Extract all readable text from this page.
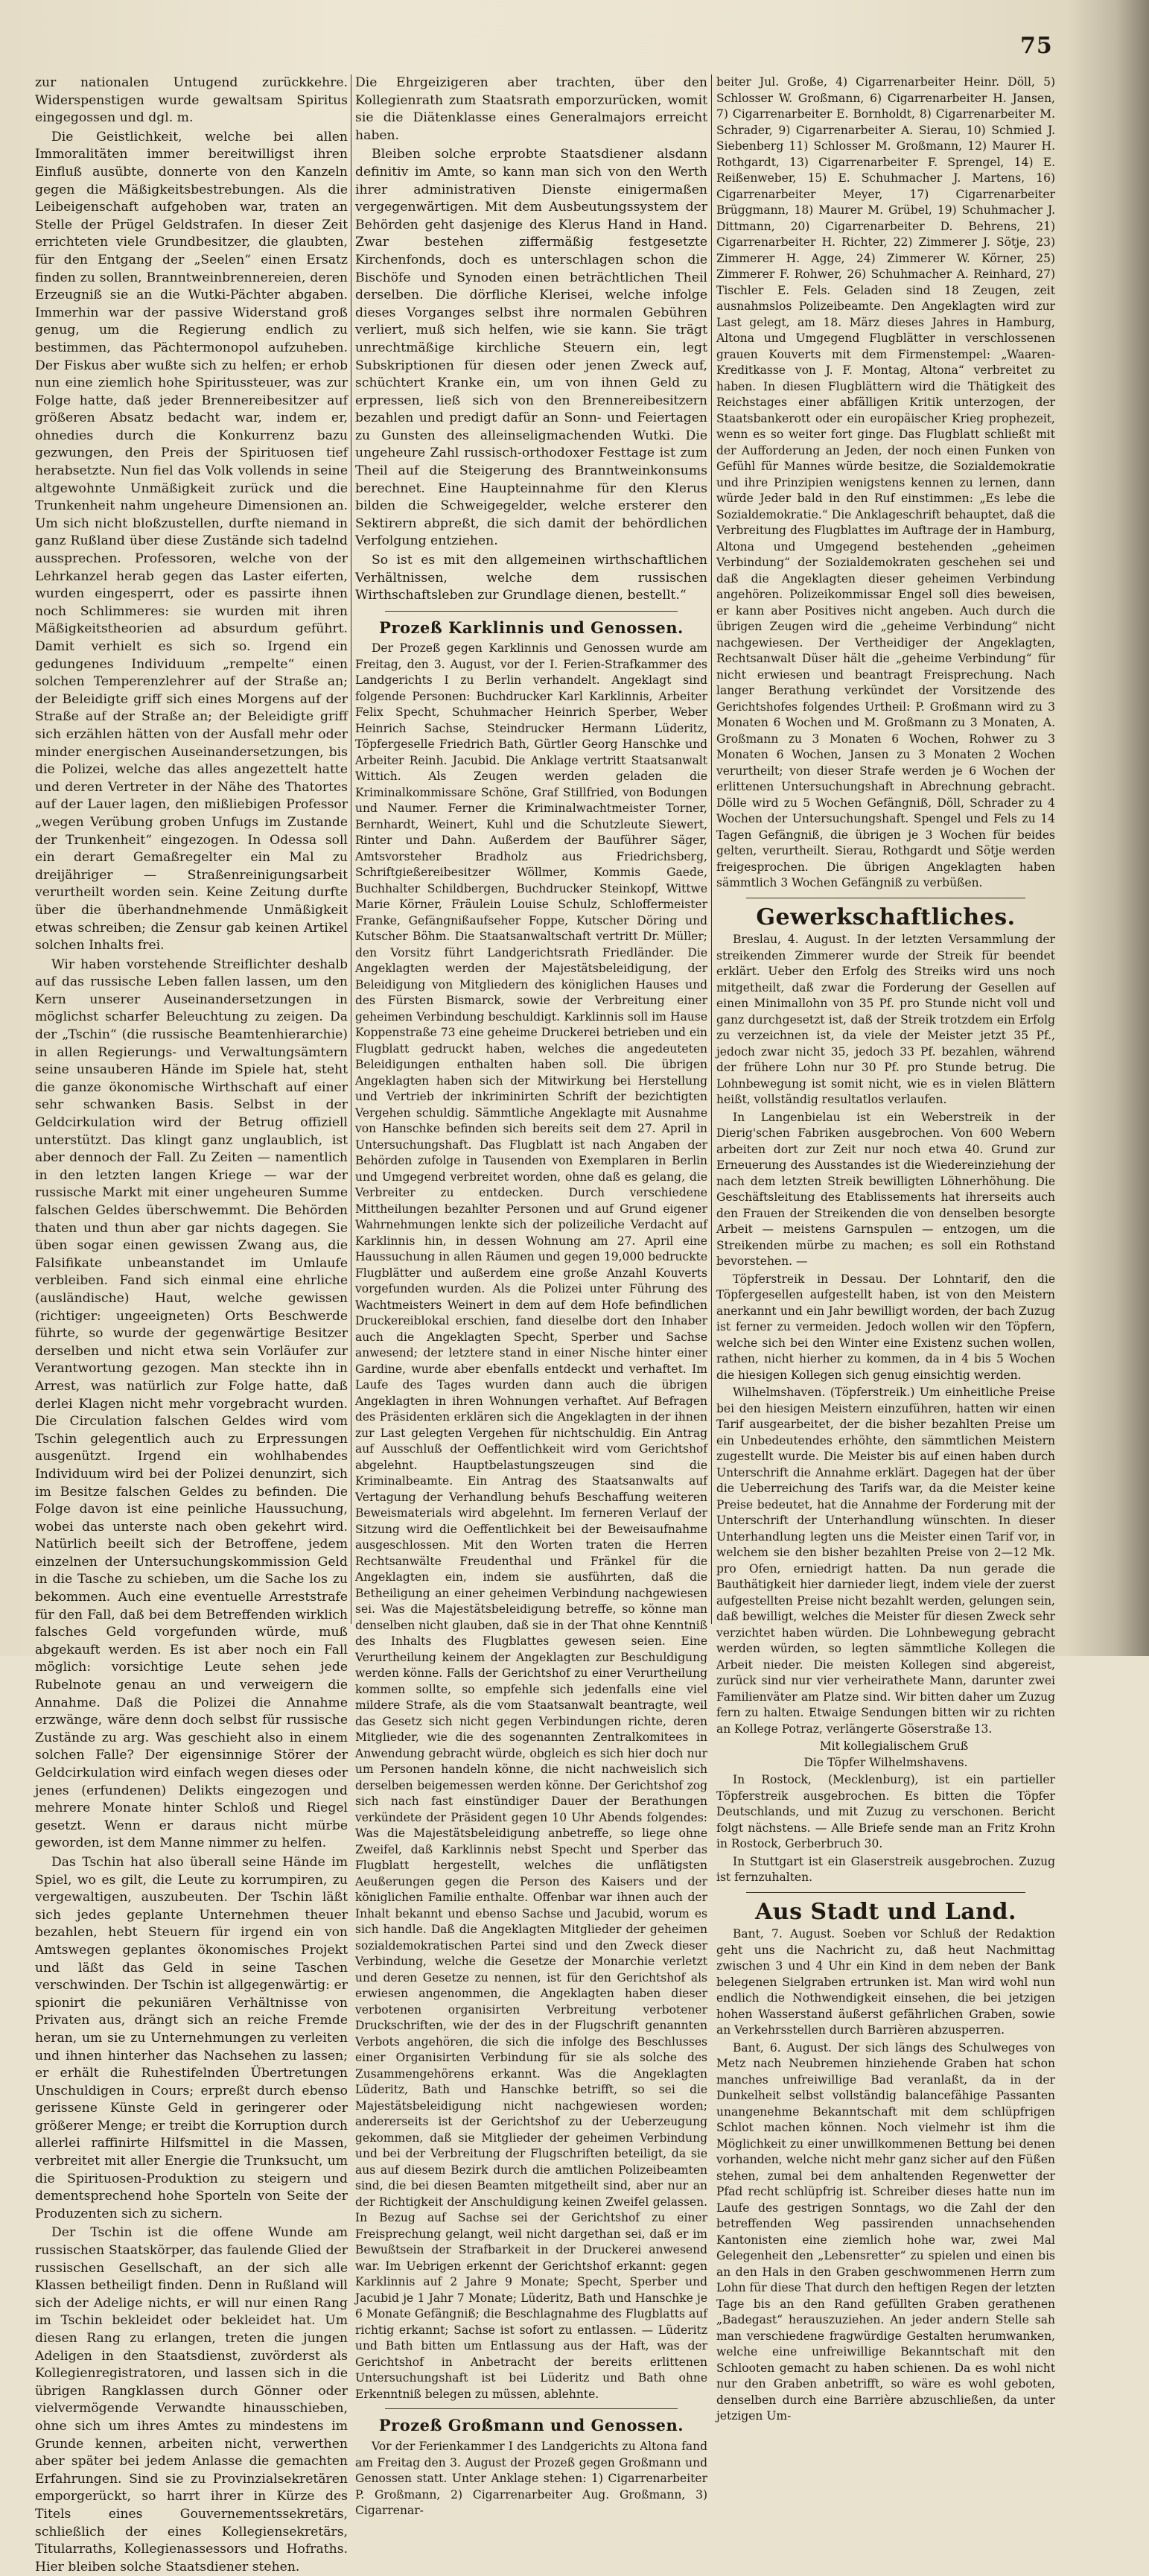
75

zur nationalen Untugend zurückkehre. Widerspenstigen wurde gewaltsam Spiritus eingegossen und dgl. m.

Die Geistlichkeit, welche bei allen Immoralitäten immer bereitwilligst ihren Einfluß ausübte, donnerte von den Kanzeln gegen die Mäßigkeitsbestrebungen. Als die Leibeigenschaft aufgehoben war, traten an Stelle der Prügel Geldstrafen. In dieser Zeit errichteten viele Grundbesitzer, die glaubten, für den Entgang der „Seelen“ einen Ersatz finden zu sollen, Branntweinbrennereien, deren Erzeugniß sie an die Wutki-Pächter abgaben. Immerhin war der passive Widerstand groß genug, um die Regierung endlich zu bestimmen, das Pächtermonopol aufzuheben. Der Fiskus aber wußte sich zu helfen; er erhob nun eine ziemlich hohe Spiritussteuer, was zur Folge hatte, daß jeder Brennereibesitzer auf größeren Absatz bedacht war, indem er, ohnedies durch die Konkurrenz bazu gezwungen, den Preis der Spirituosen tief herabsetzte. Nun fiel das Volk vollends in seine altgewohnte Unmäßigkeit zurück und die Trunkenheit nahm ungeheure Dimensionen an. Um sich nicht bloßzustellen, durfte niemand in ganz Rußland über diese Zustände sich tadelnd aussprechen. Professoren, welche von der Lehrkanzel herab gegen das Laster eiferten, wurden eingesperrt, oder es passirte ihnen noch Schlimmeres: sie wurden mit ihren Mäßigkeitstheorien ad absurdum geführt. Damit verhielt es sich so. Irgend ein gedungenes Individuum „rempelte“ einen solchen Temperenzlehrer auf der Straße an; der Beleidigte griff sich eines Morgens auf der Straße auf der Straße an; der Beleidigte griff sich erzählen hätten von der Ausfall mehr oder minder energischen Auseinandersetzungen, bis die Polizei, welche das alles angezettelt hatte und deren Vertreter in der Nähe des Thatortes auf der Lauer lagen, den mißliebigen Professor „wegen Verübung groben Unfugs im Zustande der Trunkenheit“ eingezogen. In Odessa soll ein derart Gemaßregelter ein Mal zu dreijähriger — Straßenreinigungsarbeit verurtheilt worden sein. Keine Zeitung durfte über die überhandnehmende Unmäßigkeit etwas schreiben; die Zensur gab keinen Artikel solchen Inhalts frei.

Wir haben vorstehende Streiflichter deshalb auf das russische Leben fallen lassen, um den Kern unserer Auseinandersetzungen in möglichst scharfer Beleuchtung zu zeigen. Da der „Tschin“ (die russische Beamtenhierarchie) in allen Regierungs- und Verwaltungsämtern seine unsauberen Hände im Spiele hat, steht die ganze ökonomische Wirthschaft auf einer sehr schwanken Basis. Selbst in der Geldcirkulation wird der Betrug offiziell unterstützt. Das klingt ganz unglaublich, ist aber dennoch der Fall. Zu Zeiten — namentlich in den letzten langen Kriege — war der russische Markt mit einer ungeheuren Summe falschen Geldes überschwemmt. Die Behörden thaten und thun aber gar nichts dagegen. Sie üben sogar einen gewissen Zwang aus, die Falsifikate unbeanstandet im Umlaufe verbleiben. Fand sich einmal eine ehrliche (ausländische) Haut, welche gewissen (richtiger: ungeeigneten) Orts Beschwerde führte, so wurde der gegenwärtige Besitzer derselben und nicht etwa sein Vorläufer zur Verantwortung gezogen. Man steckte ihn in Arrest, was natürlich zur Folge hatte, daß derlei Klagen nicht mehr vorgebracht wurden. Die Circulation falschen Geldes wird vom Tschin gelegentlich auch zu Erpressungen ausgenützt. Irgend ein wohlhabendes Individuum wird bei der Polizei denunzirt, sich im Besitze falschen Geldes zu befinden. Die Folge davon ist eine peinliche Haussuchung, wobei das unterste nach oben gekehrt wird. Natürlich beeilt sich der Betroffene, jedem einzelnen der Untersuchungskommission Geld in die Tasche zu schieben, um die Sache los zu bekommen. Auch eine eventuelle Arreststrafe für den Fall, daß bei dem Betreffenden wirklich falsches Geld vorgefunden würde, muß abgekauft werden. Es ist aber noch ein Fall möglich: vorsichtige Leute sehen jede Rubelnote genau an und verweigern die Annahme. Daß die Polizei die Annahme erzwänge, wäre denn doch selbst für russische Zustände zu arg. Was geschieht also in einem solchen Falle? Der eigensinnige Störer der Geldcirkulation wird einfach wegen dieses oder jenes (erfundenen) Delikts eingezogen und mehrere Monate hinter Schloß und Riegel gesetzt. Wenn er daraus nicht mürbe geworden, ist dem Manne nimmer zu helfen.

Das Tschin hat also überall seine Hände im Spiel, wo es gilt, die Leute zu korrumpiren, zu vergewaltigen, auszubeuten. Der Tschin läßt sich jedes geplante Unternehmen theuer bezahlen, hebt Steuern für irgend ein von Amtswegen geplantes ökonomisches Projekt und läßt das Geld in seine Taschen verschwinden. Der Tschin ist allgegenwärtig: er spionirt die pekuniären Verhältnisse von Privaten aus, drängt sich an reiche Fremde heran, um sie zu Unternehmungen zu verleiten und ihnen hinterher das Nachsehen zu lassen; er erhält die Ruhestifelnden Übertretungen Unschuldigen in Cours; erpreßt durch ebenso gerissene Künste Geld in geringerer oder größerer Menge; er treibt die Korruption durch allerlei raffinirte Hilfsmittel in die Massen, verbreitet mit aller Energie die Trunksucht, um die Spirituosen-Produktion zu steigern und dementsprechend hohe Sporteln von Seite der Produzenten sich zu sichern.

Der Tschin ist die offene Wunde am russischen Staatskörper, das faulende Glied der russischen Gesellschaft, an der sich alle Klassen betheiligt finden. Denn in Rußland will sich der Adelige nichts, er will nur einen Rang im Tschin bekleidet oder bekleidet hat. Um diesen Rang zu erlangen, treten die jungen Adeligen in den Staatsdienst, zuvörderst als Kollegienregistratoren, und lassen sich in die übrigen Rangklassen durch Gönner oder vielvermögende Verwandte hinausschieben, ohne sich um ihres Amtes zu mindestens im Grunde kennen, arbeiten nicht, verwerthen aber später bei jedem Anlasse die gemachten Erfahrungen. Sind sie zu Provinzialsekretären emporgerückt, so harrt ihrer in Kürze des Titels eines Gouvernementssekretärs, schließlich der eines Kollegiensekretärs, Titularraths, Kollegienassessors und Hofraths. Hier bleiben solche Staatsdiener stehen.

Die Ehrgeizigeren aber trachten, über den Kollegienrath zum Staatsrath emporzurücken, womit sie die Diätenklasse eines Generalmajors erreicht haben.

Bleiben solche erprobte Staatsdiener alsdann definitiv im Amte, so kann man sich von den Werth ihrer administrativen Dienste einigermaßen vergegenwärtigen. Mit dem Ausbeutungssystem der Behörden geht dasjenige des Klerus Hand in Hand. Zwar bestehen ziffermäßig festgesetzte Kirchenfonds, doch es unterschlagen schon die Bischöfe und Synoden einen beträchtlichen Theil derselben. Die dörfliche Klerisei, welche infolge dieses Vorganges selbst ihre normalen Gebühren verliert, muß sich helfen, wie sie kann. Sie trägt unrechtmäßige kirchliche Steuern ein, legt Subskriptionen für diesen oder jenen Zweck auf, schüchtert Kranke ein, um von ihnen Geld zu erpressen, ließ sich von den Brennereibesitzern bezahlen und predigt dafür an Sonn- und Feiertagen zu Gunsten des alleinseligmachenden Wutki. Die ungeheure Zahl russisch-orthodoxer Festtage ist zum Theil auf die Steigerung des Branntweinkonsums berechnet. Eine Haupteinnahme für den Klerus bilden die Schweigegelder, welche ersterer den Sektirern abpreßt, die sich damit der behördlichen Verfolgung entziehen.

So ist es mit den allgemeinen wirthschaftlichen Verhältnissen, welche dem russischen Wirthschaftsleben zur Grundlage dienen, bestellt.“

Prozeß Karklinnis und Genossen.

Der Prozeß gegen Karklinnis und Genossen wurde am Freitag, den 3. August, vor der I. Ferien-Strafkammer des Landgerichts I zu Berlin verhandelt. Angeklagt sind folgende Personen: Buchdrucker Karl Karklinnis, Arbeiter Felix Specht, Schuhmacher Heinrich Sperber, Weber Heinrich Sachse, Steindrucker Hermann Lüderitz, Töpfergeselle Friedrich Bath, Gürtler Georg Hanschke und Arbeiter Reinh. Jacubid. Die Anklage vertritt Staatsanwalt Wittich. Als Zeugen werden geladen die Kriminalkommissare Schöne, Graf Stillfried, von Bodungen und Naumer. Ferner die Kriminalwachtmeister Torner, Bernhardt, Weinert, Kuhl und die Schutzleute Siewert, Rinter und Dahn. Außerdem der Bauführer Säger, Amtsvorsteher Bradholz aus Friedrichsberg, Schriftgießereibesitzer Wöllmer, Kommis Gaede, Buchhalter Schildbergen, Buchdrucker Steinkopf, Wittwe Marie Körner, Fräulein Louise Schulz, Schloffermeister Franke, Gefängnißaufseher Foppe, Kutscher Döring und Kutscher Böhm. Die Staatsanwaltschaft vertritt Dr. Müller; den Vorsitz führt Landgerichtsrath Friedländer. Die Angeklagten werden der Majestätsbeleidigung, der Beleidigung von Mitgliedern des königlichen Hauses und des Fürsten Bismarck, sowie der Verbreitung einer geheimen Verbindung beschuldigt. Karklinnis soll im Hause Koppenstraße 73 eine geheime Druckerei betrieben und ein Flugblatt gedruckt haben, welches die angedeuteten Beleidigungen enthalten haben soll. Die übrigen Angeklagten haben sich der Mitwirkung bei Herstellung und Vertrieb der inkriminirten Schrift der bezichtigten Vergehen schuldig. Sämmtliche Angeklagte mit Ausnahme von Hanschke befinden sich bereits seit dem 27. April in Untersuchungshaft. Das Flugblatt ist nach Angaben der Behörden zufolge in Tausenden von Exemplaren in Berlin und Umgegend verbreitet worden, ohne daß es gelang, die Verbreiter zu entdecken. Durch verschiedene Mittheilungen bezahlter Personen und auf Grund eigener Wahrnehmungen lenkte sich der polizeiliche Verdacht auf Karklinnis hin, in dessen Wohnung am 27. April eine Haussuchung in allen Räumen und gegen 19,000 bedruckte Flugblätter und außerdem eine große Anzahl Kouverts vorgefunden wurden. Als die Polizei unter Führung des Wachtmeisters Weinert in dem auf dem Hofe befindlichen Druckereiblokal erschien, fand dieselbe dort den Inhaber auch die Angeklagten Specht, Sperber und Sachse anwesend; der letztere stand in einer Nische hinter einer Gardine, wurde aber ebenfalls entdeckt und verhaftet. Im Laufe des Tages wurden dann auch die übrigen Angeklagten in ihren Wohnungen verhaftet. Auf Befragen des Präsidenten erklären sich die Angeklagten in der ihnen zur Last gelegten Vergehen für nichtschuldig. Ein Antrag auf Ausschluß der Oeffentlichkeit wird vom Gerichtshof abgelehnt. Hauptbelastungszeugen sind die Kriminalbeamte. Ein Antrag des Staatsanwalts auf Vertagung der Verhandlung behufs Beschaffung weiteren Beweismaterials wird abgelehnt. Im ferneren Verlauf der Sitzung wird die Oeffentlichkeit bei der Beweisaufnahme ausgeschlossen. Mit den Worten traten die Herren Rechtsanwälte Freudenthal und Fränkel für die Angeklagten ein, indem sie ausführten, daß die Betheiligung an einer geheimen Verbindung nachgewiesen sei. Was die Majestätsbeleidigung betreffe, so könne man denselben nicht glauben, daß sie in der That ohne Kenntniß des Inhalts des Flugblattes gewesen seien. Eine Verurtheilung keinem der Angeklagten zur Beschuldigung werden könne. Falls der Gerichtshof zu einer Verurtheilung kommen sollte, so empfehle sich jedenfalls eine viel mildere Strafe, als die vom Staatsanwalt beantragte, weil das Gesetz sich nicht gegen Verbindungen richte, deren Mitglieder, wie die des sogenannten Zentralkomitees in Anwendung gebracht würde, obgleich es sich hier doch nur um Personen handeln könne, die nicht nachweislich sich derselben beigemessen werden könne. Der Gerichtshof zog sich nach fast einstündiger Dauer der Berathungen verkündete der Präsident gegen 10 Uhr Abends folgendes: Was die Majestätsbeleidigung anbetreffe, so liege ohne Zweifel, daß Karklinnis nebst Specht und Sperber das Flugblatt hergestellt, welches die unflätigsten Aeußerungen gegen die Person des Kaisers und der königlichen Familie enthalte. Offenbar war ihnen auch der Inhalt bekannt und ebenso Sachse und Jacubid, worum es sich handle. Daß die Angeklagten Mitglieder der geheimen sozialdemokratischen Partei sind und den Zweck dieser Verbindung, welche die Gesetze der Monarchie verletzt und deren Gesetze zu nennen, ist für den Gerichtshof als erwiesen angenommen, die Angeklagten haben dieser verbotenen organisirten Verbreitung verbotener Druckschriften, wie der des in der Flugschrift genannten Verbots angehören, die sich die infolge des Beschlusses einer Organisirten Verbindung für sie als solche des Zusammengehörens erkannt. Was die Angeklagten Lüderitz, Bath und Hanschke betrifft, so sei die Majestätsbeleidigung nicht nachgewiesen worden; andererseits ist der Gerichtshof zu der Ueberzeugung gekommen, daß sie Mitglieder der geheimen Verbindung und bei der Verbreitung der Flugschriften beteiligt, da sie aus auf diesem Bezirk durch die amtlichen Polizeibeamten sind, die bei diesen Beamten mitgetheilt sind, aber nur an der Richtigkeit der Anschuldigung keinen Zweifel gelassen. In Bezug auf Sachse sei der Gerichtshof zu einer Freisprechung gelangt, weil nicht dargethan sei, daß er im Bewußtsein der Strafbarkeit in der Druckerei anwesend war. Im Uebrigen erkennt der Gerichtshof erkannt: gegen Karklinnis auf 2 Jahre 9 Monate; Specht, Sperber und Jacubid je 1 Jahr 7 Monate; Lüderitz, Bath und Hanschke je 6 Monate Gefängniß; die Beschlagnahme des Flugblatts auf richtig erkannt; Sachse ist sofort zu entlassen. — Lüderitz und Bath bitten um Entlassung aus der Haft, was der Gerichtshof in Anbetracht der bereits erlittenen Untersuchungshaft ist bei Lüderitz und Bath ohne Erkenntniß belegen zu müssen, ablehnte.

Prozeß Großmann und Genossen.

Vor der Ferienkammer I des Landgerichts zu Altona fand am Freitag den 3. August der Prozeß gegen Großmann und Genossen statt. Unter Anklage stehen: 1) Cigarrenarbeiter P. Großmann, 2) Cigarrenarbeiter Aug. Großmann, 3) Cigarrenar-

beiter Jul. Große, 4) Cigarrenarbeiter Heinr. Döll, 5) Schlosser W. Großmann, 6) Cigarrenarbeiter H. Jansen, 7) Cigarrenarbeiter E. Bornholdt, 8) Cigarrenarbeiter M. Schrader, 9) Cigarrenarbeiter A. Sierau, 10) Schmied J. Siebenberg 11) Schlosser M. Großmann, 12) Maurer H. Rothgardt, 13) Cigarrenarbeiter F. Sprengel, 14) E. Reißenweber, 15) E. Schuhmacher J. Martens, 16) Cigarrenarbeiter Meyer, 17) Cigarrenarbeiter Brüggmann, 18) Maurer M. Grübel, 19) Schuhmacher J. Dittmann, 20) Cigarrenarbeiter D. Behrens, 21) Cigarrenarbeiter H. Richter, 22) Zimmerer J. Sötje, 23) Zimmerer H. Agge, 24) Zimmerer W. Körner, 25) Zimmerer F. Rohwer, 26) Schuhmacher A. Reinhard, 27) Tischler E. Fels. Geladen sind 18 Zeugen, zeit ausnahmslos Polizeibeamte. Den Angeklagten wird zur Last gelegt, am 18. März dieses Jahres in Hamburg, Altona und Umgegend Flugblätter in verschlossenen grauen Kouverts mit dem Firmenstempel: „Waaren-Kreditkasse von J. F. Montag, Altona“ verbreitet zu haben. In diesen Flugblättern wird die Thätigkeit des Reichstages einer abfälligen Kritik unterzogen, der Staatsbankerott oder ein europäischer Krieg prophezeit, wenn es so weiter fort ginge. Das Flugblatt schließt mit der Aufforderung an Jeden, der noch einen Funken von Gefühl für Mannes würde besitze, die Sozialdemokratie und ihre Prinzipien wenigstens kennen zu lernen, dann würde Jeder bald in den Ruf einstimmen: „Es lebe die Sozialdemokratie.“ Die Anklageschrift behauptet, daß die Verbreitung des Flugblattes im Auftrage der in Hamburg, Altona und Umgegend bestehenden „geheimen Verbindung“ der Sozialdemokraten geschehen sei und daß die Angeklagten dieser geheimen Verbindung angehören. Polizeikommissar Engel soll dies beweisen, er kann aber Positives nicht angeben. Auch durch die übrigen Zeugen wird die „geheime Verbindung“ nicht nachgewiesen. Der Vertheidiger der Angeklagten, Rechtsanwalt Düser hält die „geheime Verbindung“ für nicht erwiesen und beantragt Freisprechung. Nach langer Berathung verkündet der Vorsitzende des Gerichtshofes folgendes Urtheil: P. Großmann wird zu 3 Monaten 6 Wochen und M. Großmann zu 3 Monaten, A. Großmann zu 3 Monaten 6 Wochen, Rohwer zu 3 Monaten 6 Wochen, Jansen zu 3 Monaten 2 Wochen verurtheilt; von dieser Strafe werden je 6 Wochen der erlittenen Untersuchungshaft in Abrechnung gebracht. Dölle wird zu 5 Wochen Gefängniß, Döll, Schrader zu 4 Wochen der Untersuchungshaft. Spengel und Fels zu 14 Tagen Gefängniß, die übrigen je 3 Wochen für beides gelten, verurtheilt. Sierau, Rothgardt und Sötje werden freigesprochen. Die übrigen Angeklagten haben sämmtlich 3 Wochen Gefängniß zu verbüßen.

Gewerkschaftliches.

Breslau, 4. August. In der letzten Versammlung der streikenden Zimmerer wurde der Streik für beendet erklärt. Ueber den Erfolg des Streiks wird uns noch mitgetheilt, daß zwar die Forderung der Gesellen auf einen Minimallohn von 35 Pf. pro Stunde nicht voll und ganz durchgesetzt ist, daß der Streik trotzdem ein Erfolg zu verzeichnen ist, da viele der Meister jetzt 35 Pf., jedoch zwar nicht 35, jedoch 33 Pf. bezahlen, während der frühere Lohn nur 30 Pf. pro Stunde betrug. Die Lohnbewegung ist somit nicht, wie es in vielen Blättern heißt, vollständig resultatlos verlaufen.

In Langenbielau ist ein Weberstreik in der Dierig'schen Fabriken ausgebrochen. Von 600 Webern arbeiten dort zur Zeit nur noch etwa 40. Grund zur Erneuerung des Ausstandes ist die Wiedereinziehung der nach dem letzten Streik bewilligten Löhnerhöhung. Die Geschäftsleitung des Etablissements hat ihrerseits auch den Frauen der Streikenden die von denselben besorgte Arbeit — meistens Garnspulen — entzogen, um die Streikenden mürbe zu machen; es soll ein Rothstand bevorstehen. —

Töpferstreik in Dessau. Der Lohntarif, den die Töpfergesellen aufgestellt haben, ist von den Meistern anerkannt und ein Jahr bewilligt worden, der bach Zuzug ist ferner zu vermeiden. Jedoch wollen wir den Töpfern, welche sich bei den Winter eine Existenz suchen wollen, rathen, nicht hierher zu kommen, da in 4 bis 5 Wochen die hiesigen Kollegen sich genug einsichtig werden.

Wilhelmshaven. (Töpferstreik.) Um einheitliche Preise bei den hiesigen Meistern einzuführen, hatten wir einen Tarif ausgearbeitet, der die bisher bezahlten Preise um ein Unbedeutendes erhöhte, den sämmtlichen Meistern zugestellt wurde. Die Meister bis auf einen haben durch Unterschrift die Annahme erklärt. Dagegen hat der über die Ueberreichung des Tarifs war, da die Meister keine Preise bedeutet, hat die Annahme der Forderung mit der Unterschrift der Unterhandlung wünschten. In dieser Unterhandlung legten uns die Meister einen Tarif vor, in welchem sie den bisher bezahlten Preise von 2—12 Mk. pro Ofen, erniedrigt hatten. Da nun gerade die Bauthätigkeit hier darnieder liegt, indem viele der zuerst aufgestellten Preise nicht bezahlt werden, gelungen sein, daß bewilligt, welches die Meister für diesen Zweck sehr verzichtet haben würden. Die Lohnbewegung gebracht werden würden, so legten sämmtliche Kollegen die Arbeit nieder. Die meisten Kollegen sind abgereist, zurück sind nur vier verheirathete Mann, darunter zwei Familienväter am Platze sind. Wir bitten daher um Zuzug fern zu halten. Etwaige Sendungen bitten wir zu richten an Kollege Potraz, verlängerte Göserstraße 13.

Mit kollegialischem Gruß
Die Töpfer Wilhelmshavens.

In Rostock, (Mecklenburg), ist ein partieller Töpferstreik ausgebrochen. Es bitten die Töpfer Deutschlands, und mit Zuzug zu verschonen. Bericht folgt nächstens. — Alle Briefe sende man an Fritz Krohn in Rostock, Gerberbruch 30.

In Stuttgart ist ein Glaserstreik ausgebrochen. Zuzug ist fernzuhalten.

Aus Stadt und Land.

Bant, 7. August. Soeben vor Schluß der Redaktion geht uns die Nachricht zu, daß heut Nachmittag zwischen 3 und 4 Uhr ein Kind in dem neben der Bank belegenen Sielgraben ertrunken ist. Man wird wohl nun endlich die Nothwendigkeit einsehen, die bei jetzigen hohen Wasserstand äußerst gefährlichen Graben, sowie an Verkehrsstellen durch Barrièren abzusperren.

Bant, 6. August. Der sich längs des Schulweges von Metz nach Neubremen hinziehende Graben hat schon manches unfreiwillige Bad veranlaßt, da in der Dunkelheit selbst vollständig balancefähige Passanten unangenehme Bekanntschaft mit dem schlüpfrigen Schlot machen können. Noch vielmehr ist ihm die Möglichkeit zu einer unwillkommenen Bettung bei denen vorhanden, welche nicht mehr ganz sicher auf den Füßen stehen, zumal bei dem anhaltenden Regenwetter der Pfad recht schlüpfrig ist. Schreiber dieses hatte nun im Laufe des gestrigen Sonntags, wo die Zahl der den betreffenden Weg passirenden unnachsehenden Kantonisten eine ziemlich hohe war, zwei Mal Gelegenheit den „Lebensretter“ zu spielen und einen bis an den Hals in den Graben geschwommenen Herrn zum Lohn für diese That durch den heftigen Regen der letzten Tage bis an den Rand gefüllten Graben gerathenen „Badegast“ herauszuziehen. An jeder andern Stelle sah man verschiedene fragwürdige Gestalten herumwanken, welche eine unfreiwillige Bekanntschaft mit den Schlooten gemacht zu haben schienen. Da es wohl nicht nur den Graben anbetrifft, so wäre es wohl geboten, denselben durch eine Barrière abzuschließen, da unter jetzigen Um-
